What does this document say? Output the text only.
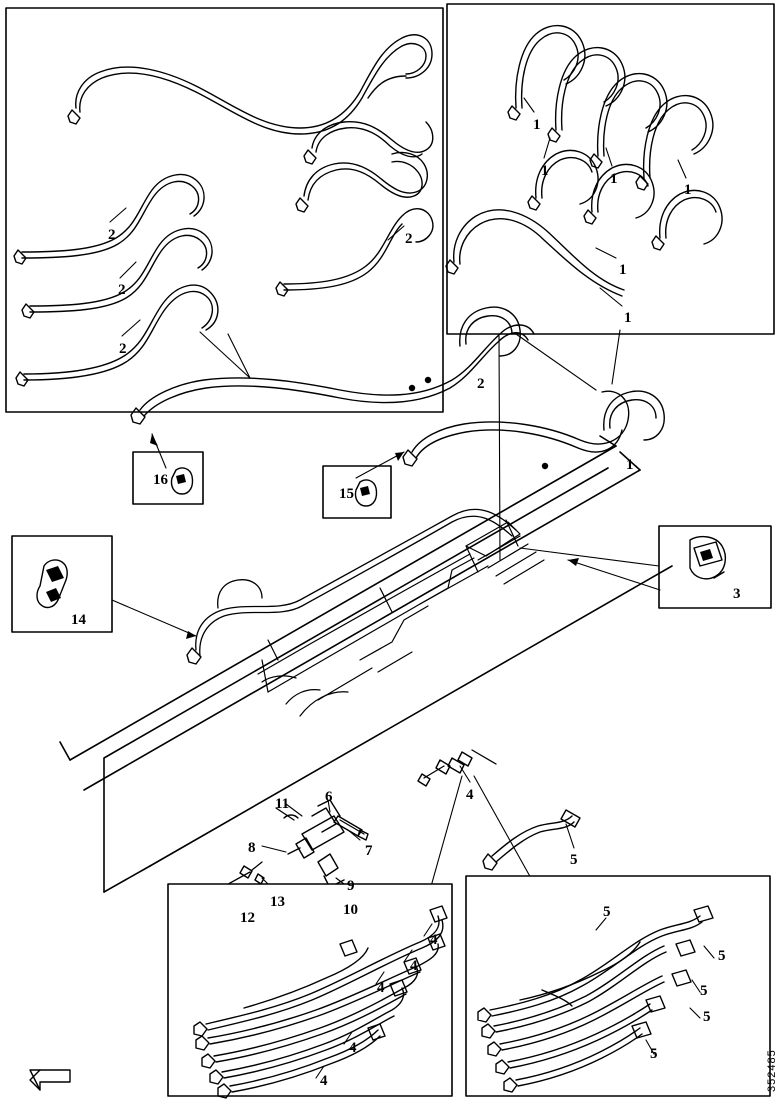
2	2
2
2
1
1	1
1
1
1
2
1
16
15
3
14
11 6	4
8	7
5
9
13	10
12
4
5
4
5
4	5
4
5
4
5	352485
